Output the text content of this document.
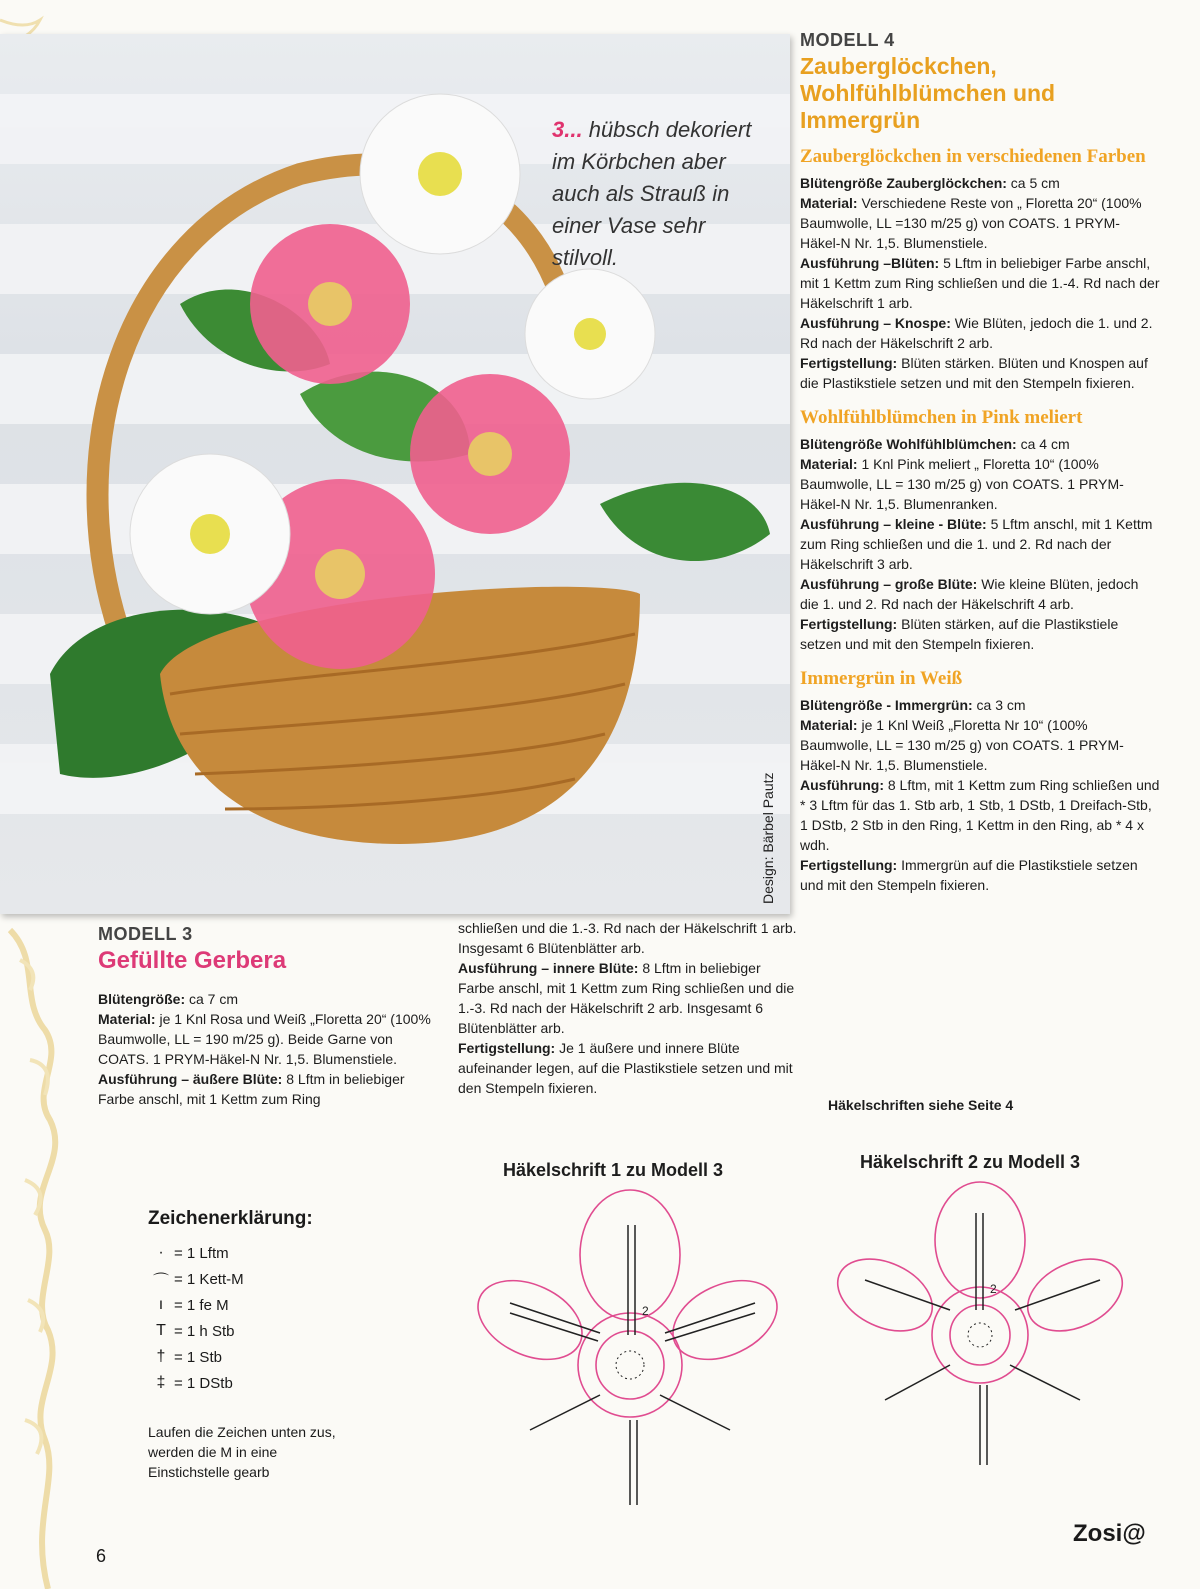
3... hübsch dekoriert im Körbchen aber auch als Strauß in einer Vase sehr stilvoll.
Design: Bärbel Pautz
MODELL 4
Zauberglöckchen, Wohlfühlblümchen und Immergrün
Zauberglöckchen in verschiedenen Farben
Blütengröße Zauberglöckchen: ca 5 cm
Material: Verschiedene Reste von „ Floretta 20“ (100% Baumwolle, LL =130 m/25 g) von COATS. 1 PRYM-Häkel-N Nr. 1,5. Blumenstiele.
Ausführung –Blüten: 5 Lftm in beliebiger Farbe anschl, mit 1 Kettm zum Ring schließen und die 1.-4. Rd nach der Häkelschrift 1 arb.
Ausführung – Knospe: Wie Blüten, jedoch die 1. und 2. Rd nach der Häkelschrift 2 arb.
Fertigstellung: Blüten stärken. Blüten und Knospen auf die Plastikstiele setzen und mit den Stempeln fixieren.
Wohlfühlblümchen in Pink meliert
Blütengröße Wohlfühlblümchen: ca 4 cm
Material: 1 Knl Pink meliert „ Floretta 10“ (100% Baumwolle, LL = 130 m/25 g) von COATS. 1 PRYM-Häkel-N Nr. 1,5. Blumenranken.
Ausführung – kleine - Blüte: 5 Lftm anschl, mit 1 Kettm zum Ring schließen und die 1. und 2. Rd nach der Häkelschrift 3 arb.
Ausführung – große Blüte: Wie kleine Blüten, jedoch die 1. und 2. Rd nach der Häkelschrift 4 arb.
Fertigstellung: Blüten stärken, auf die Plastikstiele setzen und mit den Stempeln fixieren.
Immergrün in Weiß
Blütengröße - Immergrün: ca 3 cm
Material: je 1 Knl Weiß „Floretta Nr 10“ (100% Baumwolle, LL = 130 m/25 g) von COATS. 1 PRYM-Häkel-N Nr. 1,5. Blumenstiele.
Ausführung: 8 Lftm, mit 1 Kettm zum Ring schließen und * 3 Lftm für das 1. Stb arb, 1 Stb, 1 DStb, 1 Dreifach-Stb, 1 DStb, 2 Stb in den Ring, 1 Kettm in den Ring, ab * 4 x wdh.
Fertigstellung: Immergrün auf die Plastikstiele setzen und mit den Stempeln fixieren.
Häkelschriften siehe Seite 4
MODELL 3
Gefüllte Gerbera
Blütengröße: ca 7 cm
Material: je 1 Knl Rosa und Weiß „Floretta 20“ (100% Baumwolle, LL = 190 m/25 g). Beide Garne von COATS. 1 PRYM-Häkel-N Nr. 1,5. Blumenstiele.
Ausführung – äußere Blüte: 8 Lftm in beliebiger Farbe anschl, mit 1 Kettm zum Ring
schließen und die 1.-3. Rd nach der Häkelschrift 1 arb. Insgesamt 6 Blütenblätter arb.
Ausführung – innere Blüte: 8 Lftm in beliebiger Farbe anschl, mit 1 Kettm zum Ring schließen und die 1.-3. Rd nach der Häkelschrift 2 arb. Insgesamt 6 Blütenblätter arb.
Fertigstellung: Je 1 äußere und innere Blüte aufeinander legen, auf die Plastikstiele setzen und mit den Stempeln fixieren.
Zeichenerklärung:
· = 1 Lftm
⌒ = 1 Kett-M
ı = 1 fe M
T = 1 h Stb
† = 1 Stb
‡ = 1 DStb
Laufen die Zeichen unten zus, werden die M in eine Einstichstelle gearb
Häkelschrift 1 zu Modell 3	Häkelschrift 2 zu Modell 3
2
2
6
Zosi@
